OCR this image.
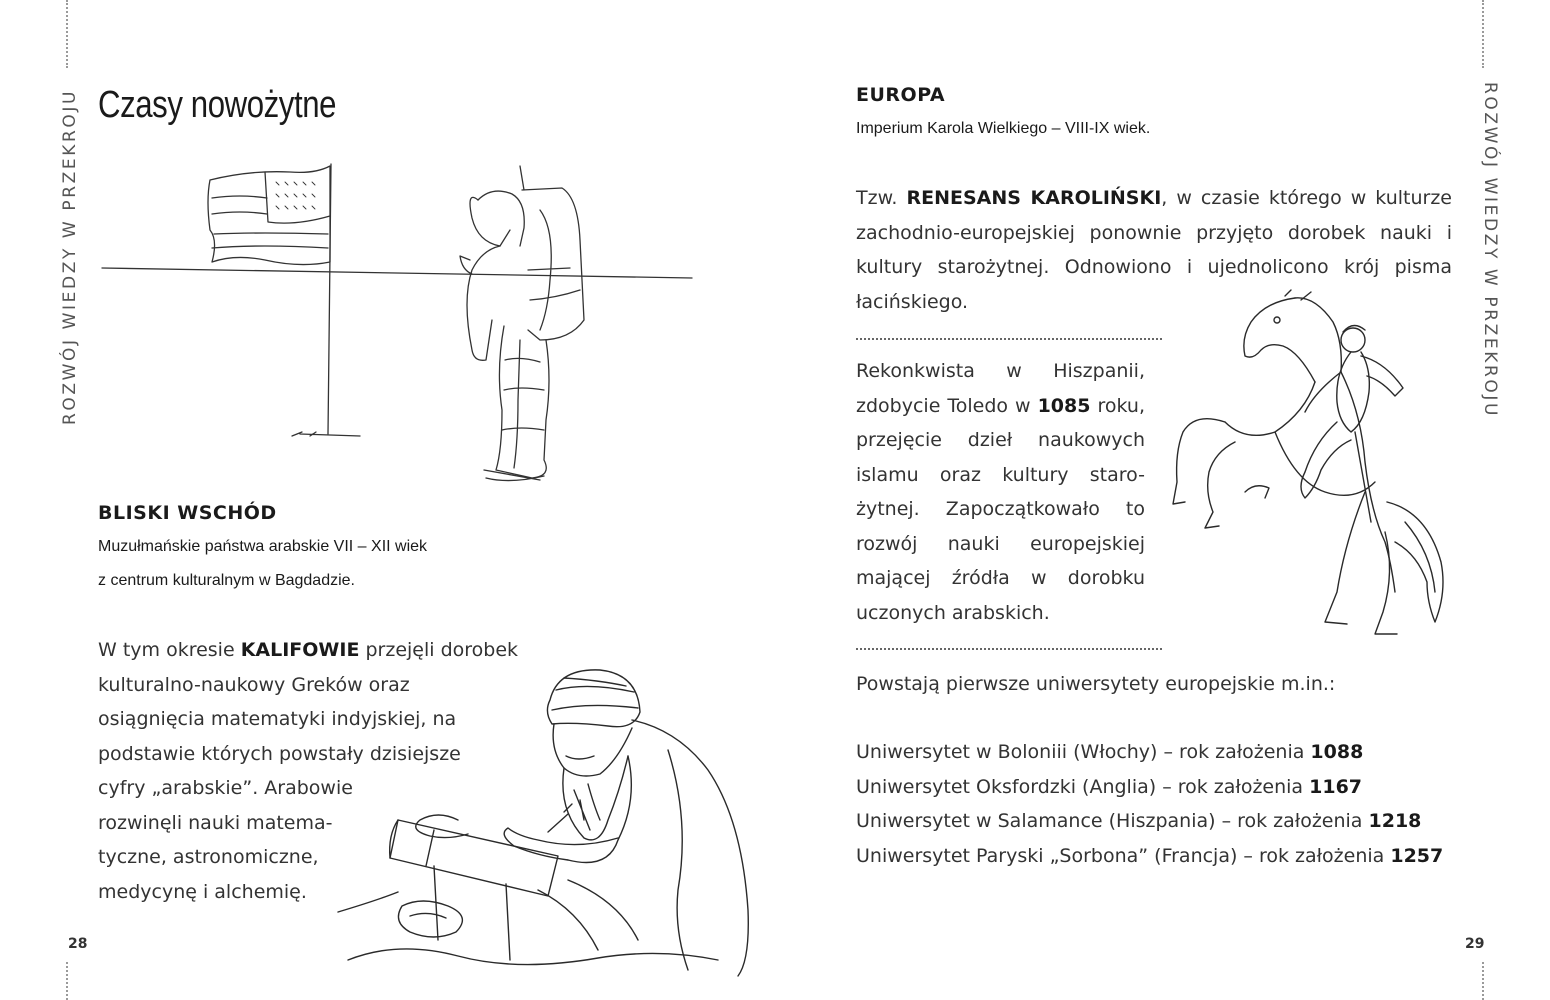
ROZWÓJ WIEDZY W PRZEKROJU
28
ROZWÓJ WIEDZY W PRZEKROJU
29
Czasy nowożytne
BLISKI WSCHÓD
Muzułmańskie państwa arabskie VII – XII wiek
z centrum kulturalnym w Bagdadzie.
W tym okresie KALIFOWIE przejęli dorobek
kulturalno-naukowy Greków oraz
osiągnięcia matematyki indyjskiej, na
podstawie których powstały dzisiejsze
cyfry „arabskie”. Arabowie
rozwinęli nauki matema-
tyczne, astronomiczne,
medycynę i alchemię.
EUROPA
Imperium Karola Wielkiego – VIII-IX wiek.
Tzw. RENESANS KAROLIŃSKI, w czasie którego w kulturze zachodnio-europejskiej ponownie przyjęto dorobek nauki i kultury starożytnej. Odnowiono i ujednolicono krój pisma łacińskiego.
Rekonkwista w Hiszpanii,
zdobycie Toledo w 1085 roku,
przejęcie dzieł naukowych
islamu oraz kultury staro-
żytnej. Zapoczątkowało to
rozwój nauki europejskiej
mającej źródła w dorobku
uczonych arabskich.
Powstają pierwsze uniwersytety europejskie m.in.:
Uniwersytet w Boloniii (Włochy) – rok założenia 1088
Uniwersytet Oksfordzki (Anglia) – rok założenia 1167
Uniwersytet w Salamance (Hiszpania) – rok założenia 1218
Uniwersytet Paryski „Sorbona” (Francja) – rok założenia 1257
